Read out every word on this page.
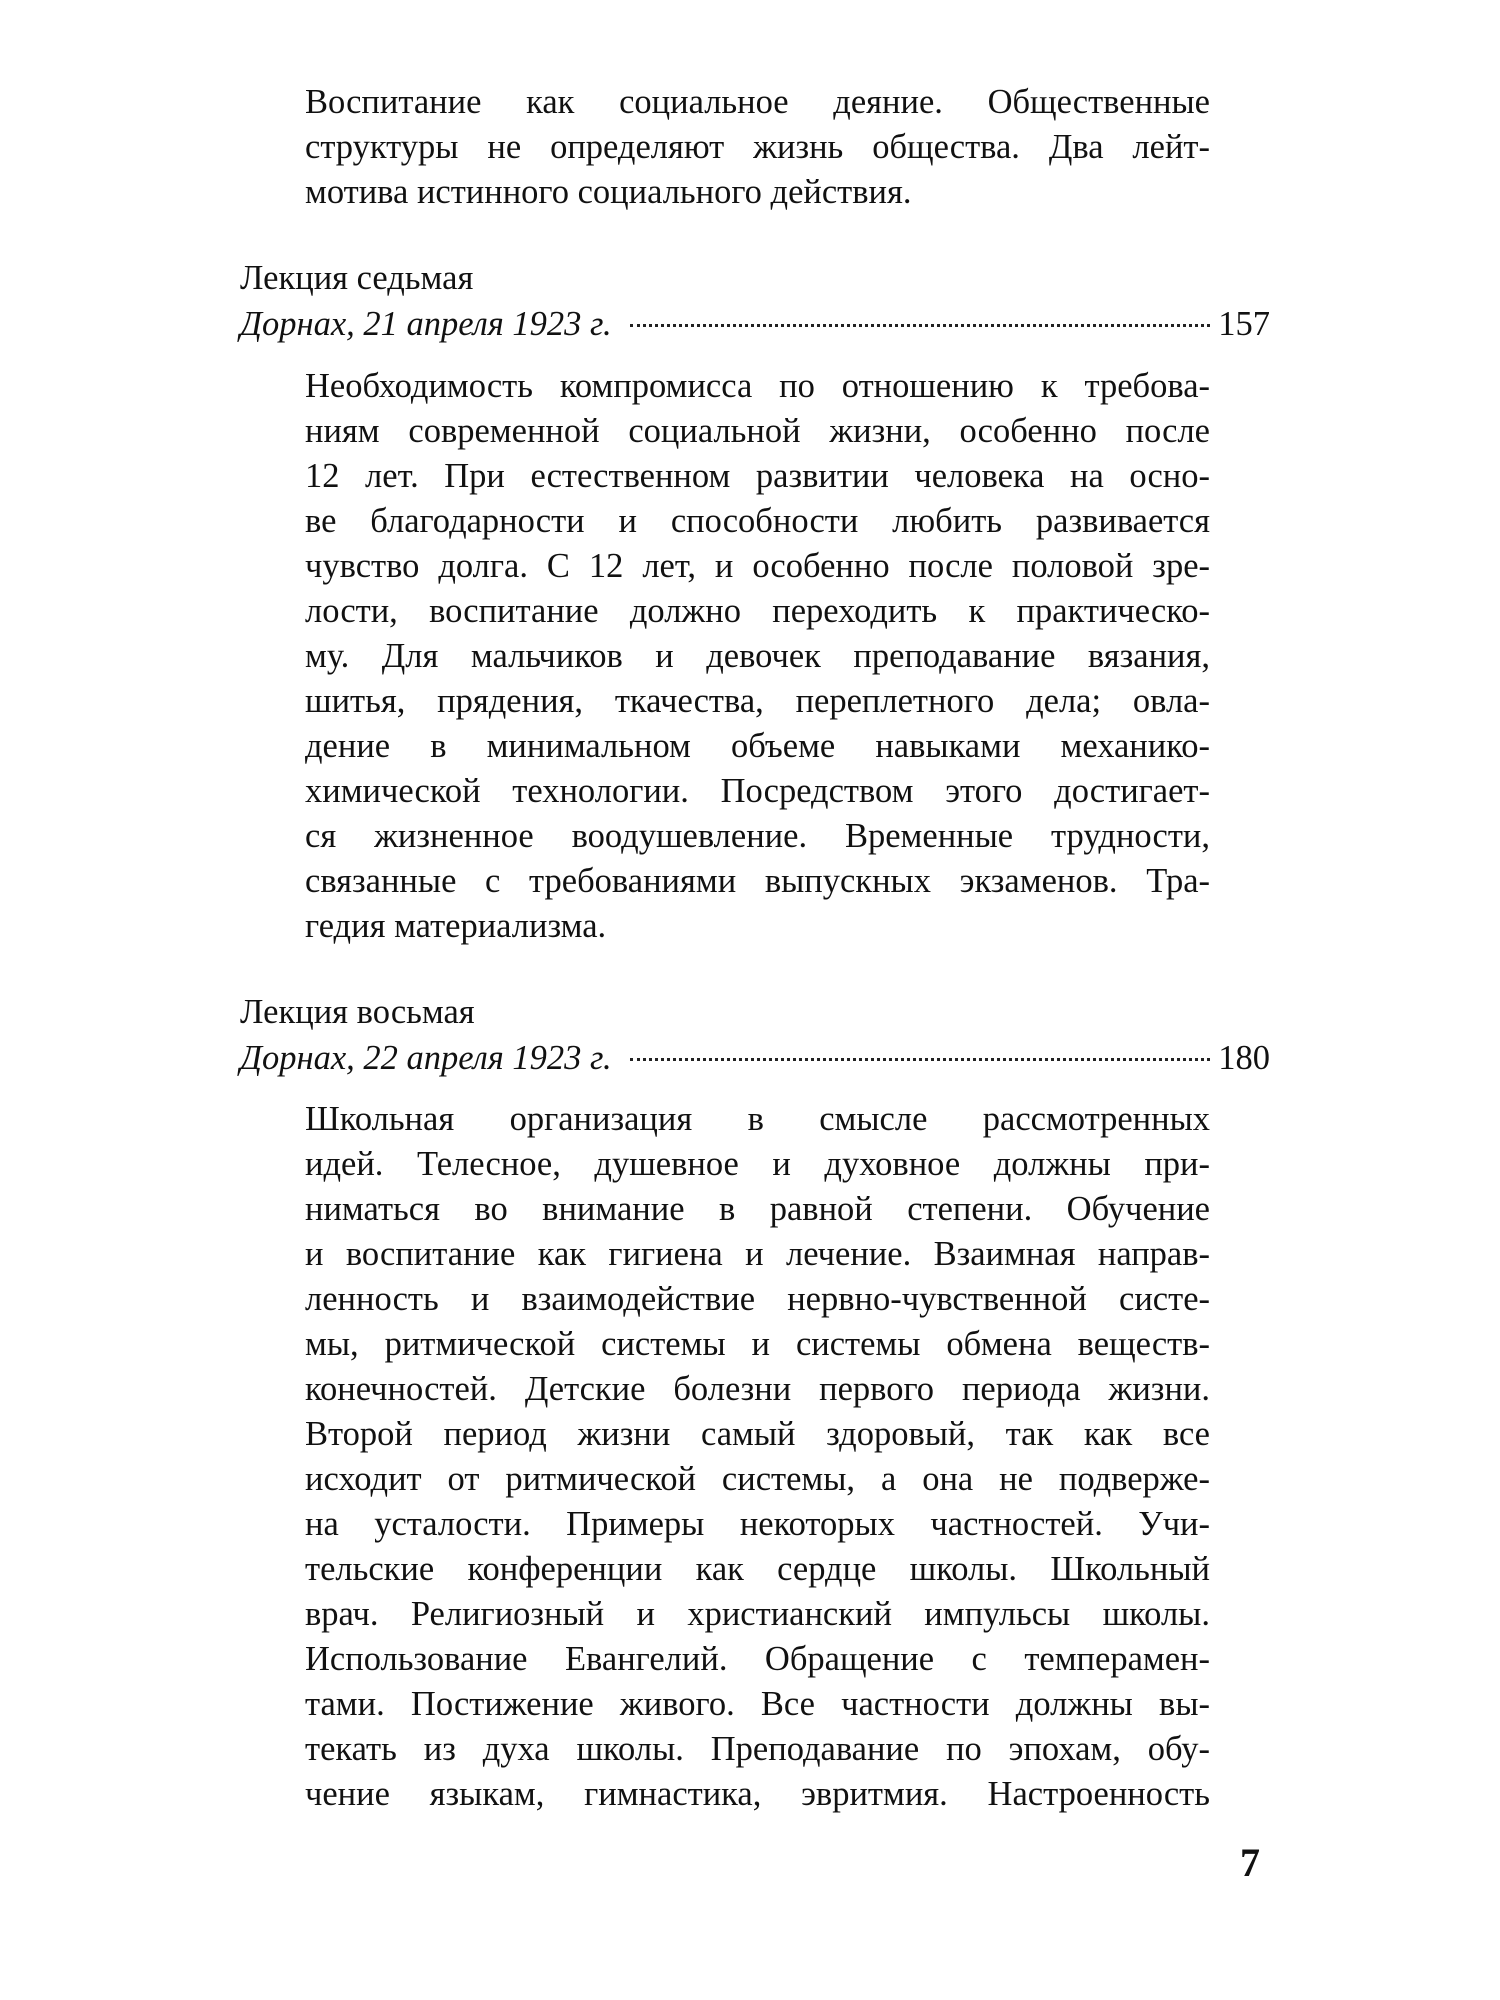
Воспитание как социальное деяние. Общественные
структуры не определяют жизнь общества. Два лейт-
мотива истинного социального действия.

Лекция седьмая

Дорнах, 21 апреля 1923 г.	157

Необходимость компромисса по отношению к требова-
ниям современной социальной жизни, особенно после
12 лет. При естественном развитии человека на осно-
ве благодарности и способности любить развивается
чувство долга. С 12 лет, и особенно после половой зре-
лости, воспитание должно переходить к практическо-
му. Для мальчиков и девочек преподавание вязания,
шитья, прядения, ткачества, переплетного дела; овла-
дение в минимальном объеме навыками механико-
химической технологии. Посредством этого достигает-
ся жизненное воодушевление. Временные трудности,
связанные с требованиями выпускных экзаменов. Тра-
гедия материализма.

Лекция восьмая

Дорнах, 22 апреля 1923 г.	180

Школьная организация в смысле рассмотренных
идей. Телесное, душевное и духовное должны при-
ниматься во внимание в равной степени. Обучение
и воспитание как гигиена и лечение. Взаимная направ-
ленность и взаимодействие нервно-чувственной систе-
мы, ритмической системы и системы обмена веществ-
конечностей. Детские болезни первого периода жизни.
Второй период жизни самый здоровый, так как все
исходит от ритмической системы, а она не подверже-
на усталости. Примеры некоторых частностей. Учи-
тельские конференции как сердце школы. Школьный
врач. Религиозный и христианский импульсы школы.
Использование Евангелий. Обращение с темперамен-
тами. Постижение живого. Все частности должны вы-
текать из духа школы. Преподавание по эпохам, обу-
чение языкам, гимнастика, эвритмия. Настроенность

7
